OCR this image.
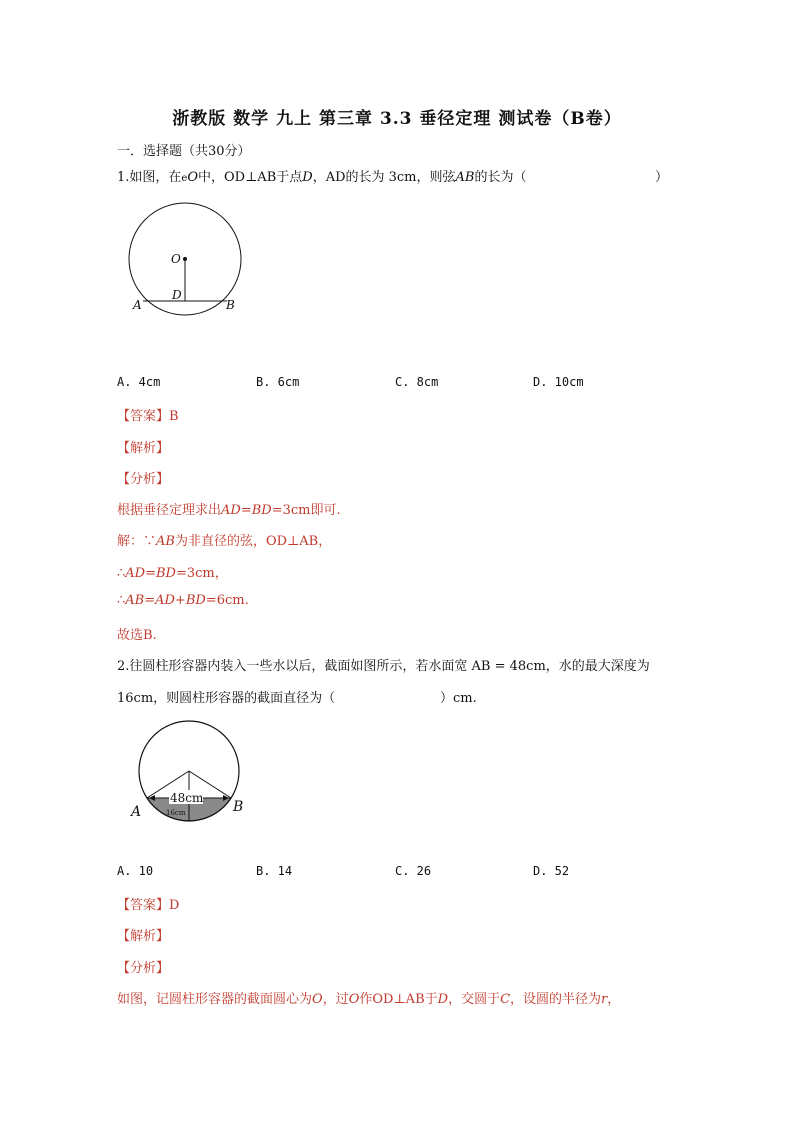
浙教版 数学 九上 第三章 3.3 垂径定理 测试卷（B卷）
一．选择题（共30分）
1.如图，在eO中，OD⊥AB于点D，AD的长为 3cm，则弦AB的长为（	）
O
D
A	B
A. 4cm	B. 6cm	C. 8cm	D. 10cm
【答案】B
【解析】
【分析】
根据垂径定理求出AD=BD=3cm即可.
解：∵AB为非直径的弦，OD⊥AB，
∴AD=BD=3cm，
∴AB=AD+BD=6cm.
故选B.
2.往圆柱形容器内装入一些水以后，截面如图所示，若水面宽 AB = 48cm，水的最大深度为
16cm，则圆柱形容器的截面直径为（	）cm.
48cm
16cm
A	B
A. 10	B. 14	C. 26	D. 52
【答案】D
【解析】
【分析】
如图，记圆柱形容器的截面圆心为O，过O作OD⊥AB于D，交圆于C，设圆的半径为r，
